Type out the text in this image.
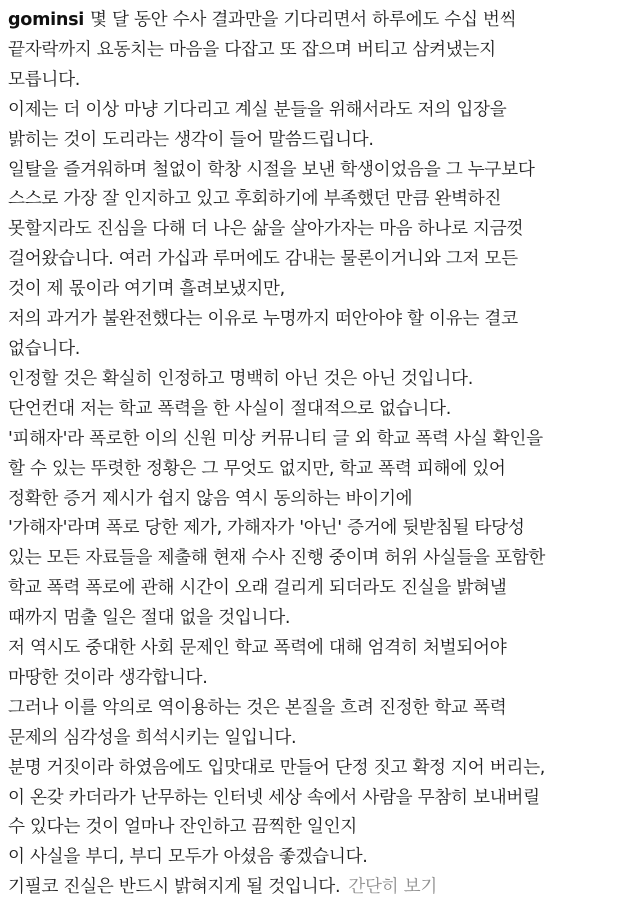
gominsi 몇 달 동안 수사 결과만을 기다리면서 하루에도 수십 번씩
끝자락까지 요동치는 마음을 다잡고 또 잡으며 버티고 삼켜냈는지
모릅니다.
이제는 더 이상 마냥 기다리고 계실 분들을 위해서라도 저의 입장을
밝히는 것이 도리라는 생각이 들어 말씀드립니다.
일탈을 즐겨워하며 철없이 학창 시절을 보낸 학생이었음을 그 누구보다
스스로 가장 잘 인지하고 있고 후회하기에 부족했던 만큼 완벽하진
못할지라도 진심을 다해 더 나은 삶을 살아가자는 마음 하나로 지금껏
걸어왔습니다. 여러 가십과 루머에도 감내는 물론이거니와 그저 모든
것이 제 몫이라 여기며 흘려보냈지만,
저의 과거가 불완전했다는 이유로 누명까지 떠안아야 할 이유는 결코
없습니다.
인정할 것은 확실히 인정하고 명백히 아닌 것은 아닌 것입니다.
단언컨대 저는 학교 폭력을 한 사실이 절대적으로 없습니다.
'피해자'라 폭로한 이의 신원 미상 커뮤니티 글 외 학교 폭력 사실 확인을
할 수 있는 뚜렷한 정황은 그 무엇도 없지만, 학교 폭력 피해에 있어
정확한 증거 제시가 쉽지 않음 역시 동의하는 바이기에
'가해자'라며 폭로 당한 제가, 가해자가 '아닌' 증거에 뒷받침될 타당성
있는 모든 자료들을 제출해 현재 수사 진행 중이며 허위 사실들을 포함한
학교 폭력 폭로에 관해 시간이 오래 걸리게 되더라도 진실을 밝혀낼
때까지 멈출 일은 절대 없을 것입니다.
저 역시도 중대한 사회 문제인 학교 폭력에 대해 엄격히 처벌되어야
마땅한 것이라 생각합니다.
그러나 이를 악의로 역이용하는 것은 본질을 흐려 진정한 학교 폭력
문제의 심각성을 희석시키는 일입니다.
분명 거짓이라 하였음에도 입맛대로 만들어 단정 짓고 확정 지어 버리는,
이 온갖 카더라가 난무하는 인터넷 세상 속에서 사람을 무참히 보내버릴
수 있다는 것이 얼마나 잔인하고 끔찍한 일인지
이 사실을 부디, 부디 모두가 아셨음 좋겠습니다.
기필코 진실은 반드시 밝혀지게 될 것입니다. 간단히 보기
